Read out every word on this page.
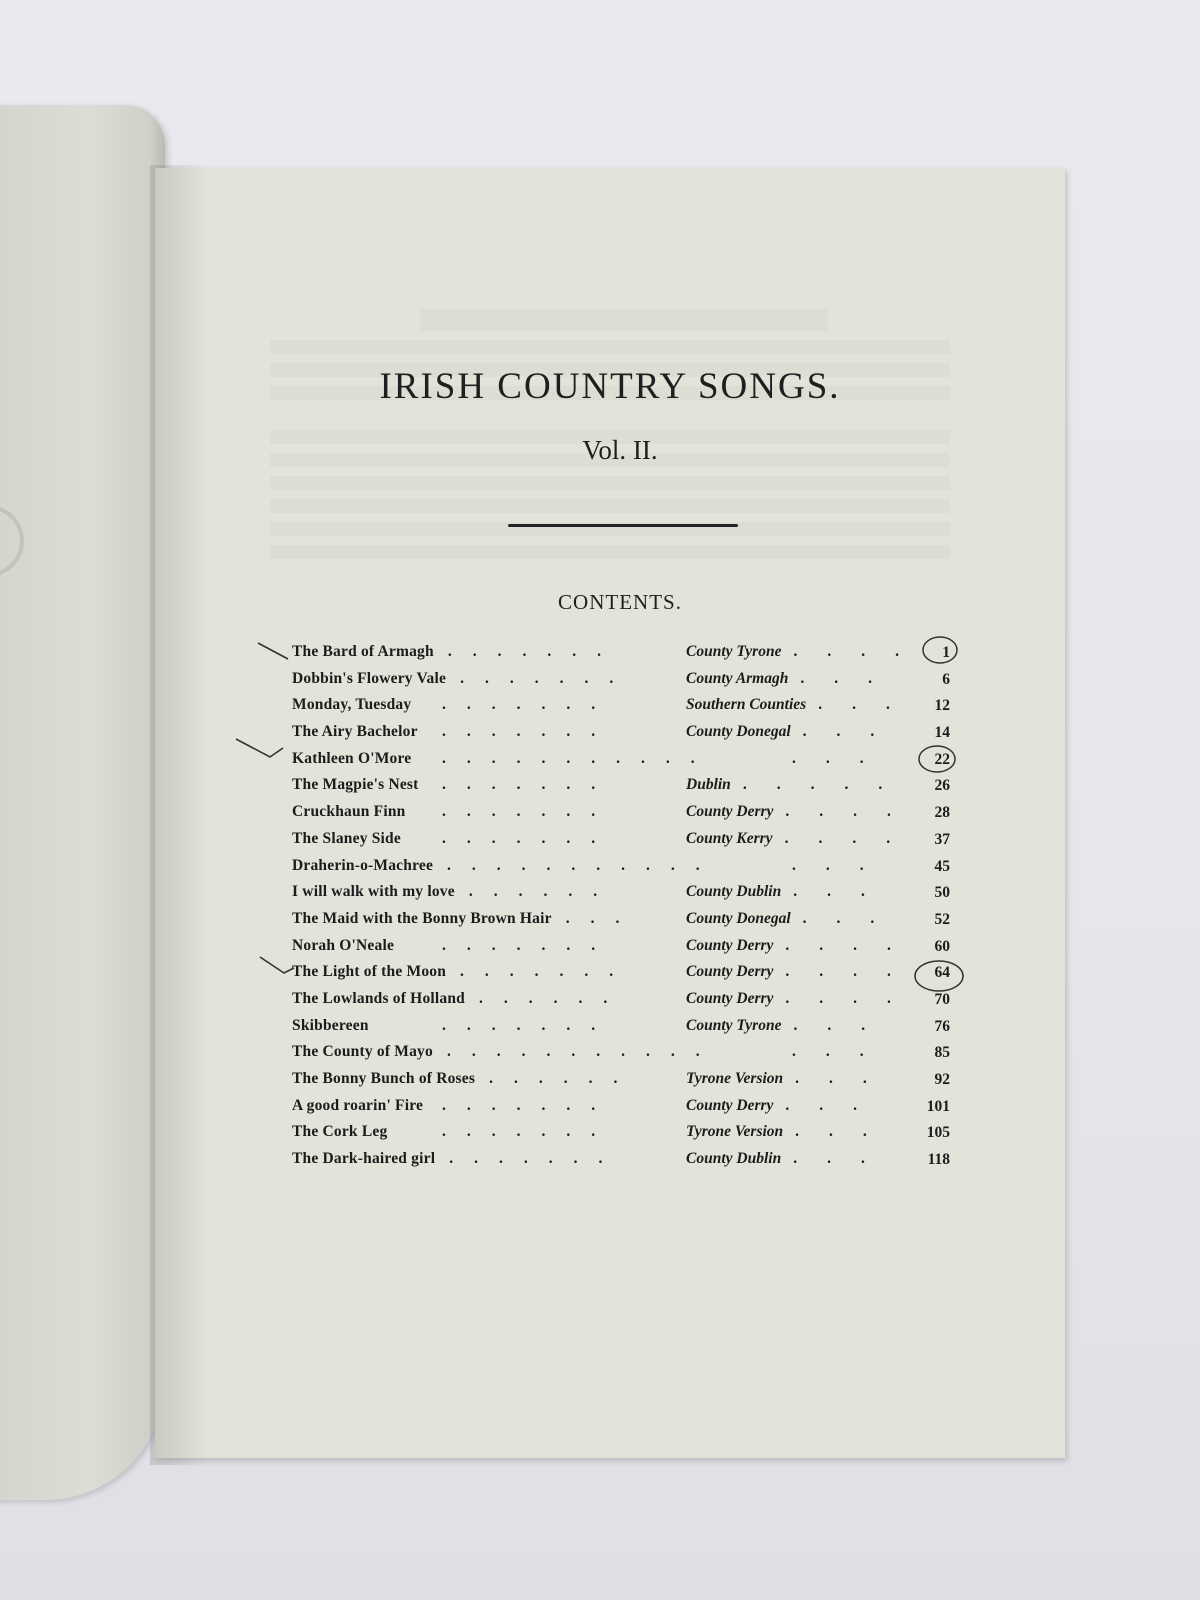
IRISH COUNTRY SONGS.
Vol. II.
CONTENTS.
The Bard of Armagh .......	County Tyrone .... 1
Dobbin's Flowery Vale .......	County Armagh ...	6
Monday, Tuesday .......	Southern Counties ... 12
The Airy Bachelor .......	County Donegal ... 14
Kathleen O'More ...........	...	22
The Magpie's Nest .......	Dublin ..... 26
Cruckhaun Finn .......	County Derry .... 28
The Slaney Side	.......	County Kerry .... 37
Draherin-o-Machree ...........	...	45
I will walk with my love ......	County Dublin ...	50
The Maid with the Bonny Brown Hair ...	County Donegal ... 52
Norah O'Neale	.......	County Derry .... 60
The Light of the Moon .......	County Derry .... 64
The Lowlands of Holland ......	County Derry .... 70
Skibbereen	.......	County Tyrone ...	76
The County of Mayo ...........	...	85
The Bonny Bunch of Roses ......	Tyrone Version ... 92
A good roarin' Fire .......	County Derry ...	101
The Cork Leg	.......	Tyrone Version ... 105
The Dark-haired girl .......	County Dublin ... 118
